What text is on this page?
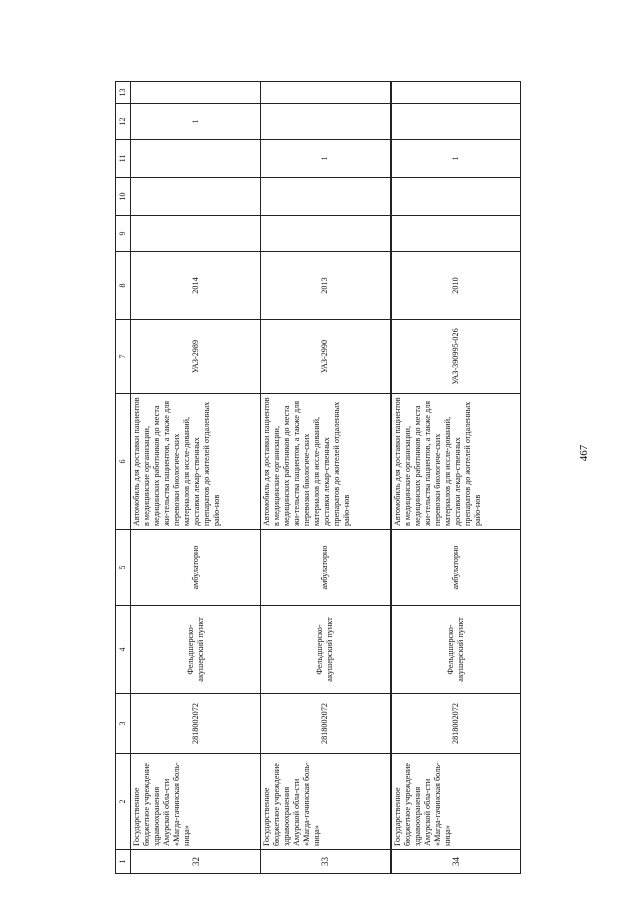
467
1	2	3	4	5	6	7	8	9	10	11	12	13
32	Государственное бюджетное учреждение здравоохранения Амурской обла-сти «Магда-гачинская боль-ница»	2818002072	Фельдшерско-акушерский пункт	амбулаторно	Автомобиль для доставки пациентов в медицинские организации, медицинских работников до места жи-тельства пациентов, а также для перевозки биологиче-ских материалов для иссле-дований, доставки лекар-ственных препаратов до жителей отдаленных райо-нов	УАЗ-2989	2014				1	
33	Государственное бюджетное учреждение здравоохранения Амурской обла-сти «Магда-гачинская боль-ница»	2818002072	Фельдшерско-акушерский пункт	амбулаторно	Автомобиль для доставки пациентов в медицинские организации, медицинских работников до места жи-тельства пациентов, а также для перевозки биологиче-ских материалов для иссле-дований, доставки лекар-ственных препаратов до жителей отдаленных райо-нов	УАЗ-2990	2013			1		
34	Государственное бюджетное учреждение здравоохранения Амурской обла-сти «Магда-гачинская боль-ница»	2818002072	Фельдшерско-акушерский пункт	амбулаторно	Автомобиль для доставки пациентов в медицинские организации, медицинских работников до места жи-тельства пациентов, а также для перевозки биологиче-ских материалов для иссле-дований, доставки лекар-ственных препаратов до жителей отдаленных райо-нов	УАЗ-390995-026	2010			1		
